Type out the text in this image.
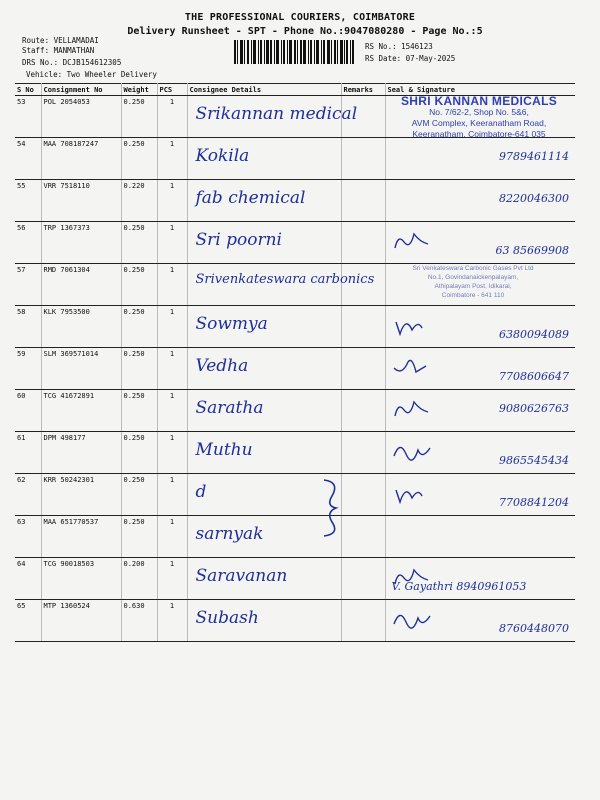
THE PROFESSIONAL COURIERS, COIMBATORE
Delivery Runsheet - SPT - Phone No.:9047080280 - Page No.:5
Route: VELLAMADAI
Staff: MANMATHAN
DRS No.: DCJB154612305
Vehicle: Two Wheeler Delivery
RS No.: 1546123
RS Date: 07-May-2025
S No	Consignment No	Weight	PCS	Consignee Details	Remarks	Seal & Signature
53	POL 2054053	0.250	1	Srikannan medical		
54	MAA 708187247	0.250	1	Kokila		9789461114

55	VRR 7518110	0.220	1	fab chemical		8220046300

56	TRP 1367373	0.250	1	Sri poorni		63 85669908

57	RMD 7061304	0.250	1	Srivenkateswara carbonics		
58	KLK 7953500	0.250	1	Sowmya		6380094089

59	SLM 369571014	0.250	1	Vedha		7708606647

60	TCG 41672891	0.250	1	Saratha		9080626763

61	DPM 498177	0.250	1	Muthu		9865545434

62	KRR 50242301	0.250	1	d		7708841204

63	MAA 651770537	0.250	1	sarnyak		
64	TCG 90018503	0.200	1	Saravanan		V. Gayathri 8940961053

65	MTP 1360524	0.630	1	Subash		8760448070
SHRI KANNAN MEDICALS
No. 7/62-2, Shop No. 5&6,
AVM Complex, Keeranatham Road,
Keeranatham, Coimbatore-641 035
Sri Venkateswara Carbonic Gases Pvt Ltd
No.1, Govindanaickenpalayam,
Athipalayam Post, Idikarai,
Coimbatore - 641 110
